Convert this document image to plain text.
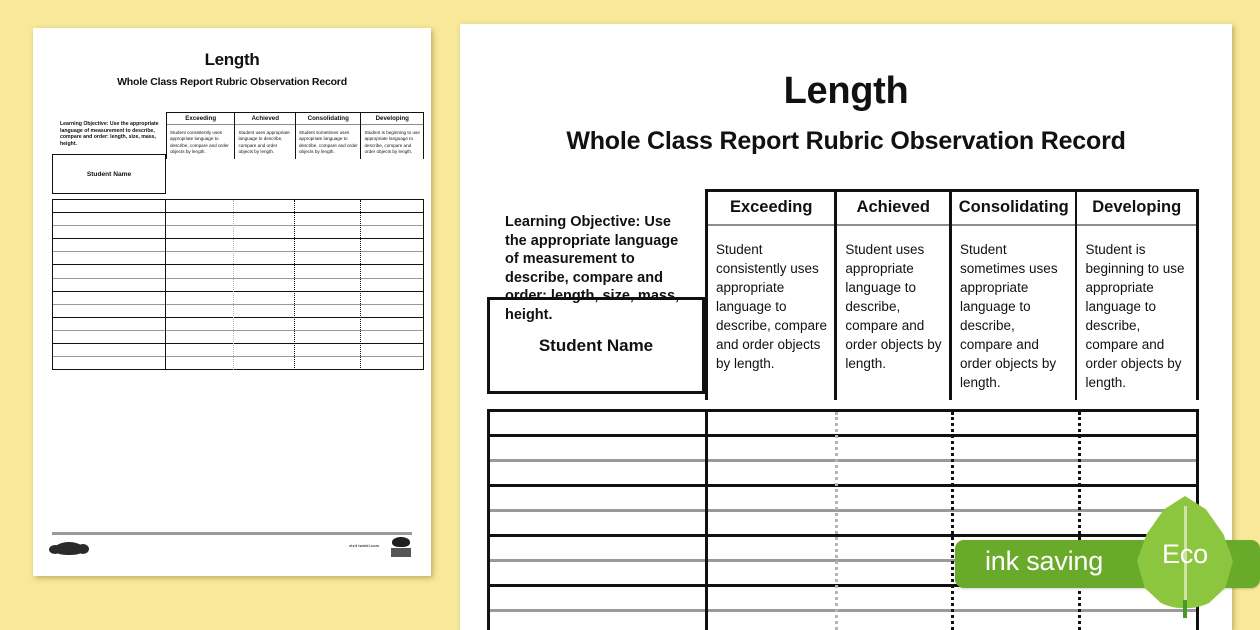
Length
Whole Class Report Rubric Observation Record
Learning Objective: Use the appropriate language of measurement to describe, compare and order: length, size, mass, height.
Student Name
Exceeding
Student consistently uses appropriate language to describe, compare and order objects by length.
Achieved
Student uses appropriate language to describe, compare and order objects by length.
Consolidating
Student sometimes uses appropriate language to describe, compare and order objects by length.
Developing
Student is beginning to use appropriate language to describe, compare and order objects by length.
visit twinkl.com
Length
Whole Class Report Rubric Observation Record
Learning Objective: Use the appropriate language of measurement to describe, compare and order: length, size, mass, height.
Student Name
Exceeding
Student consistently uses appropriate language to describe, compare and order objects by length.
Achieved
Student uses appropriate language to describe, compare and order objects by length.
Consolidating
Student sometimes uses appropriate language to describe, compare and order objects by length.
Developing
Student is beginning to use appropriate language to describe, compare and order objects by length.
ink saving	Eco
